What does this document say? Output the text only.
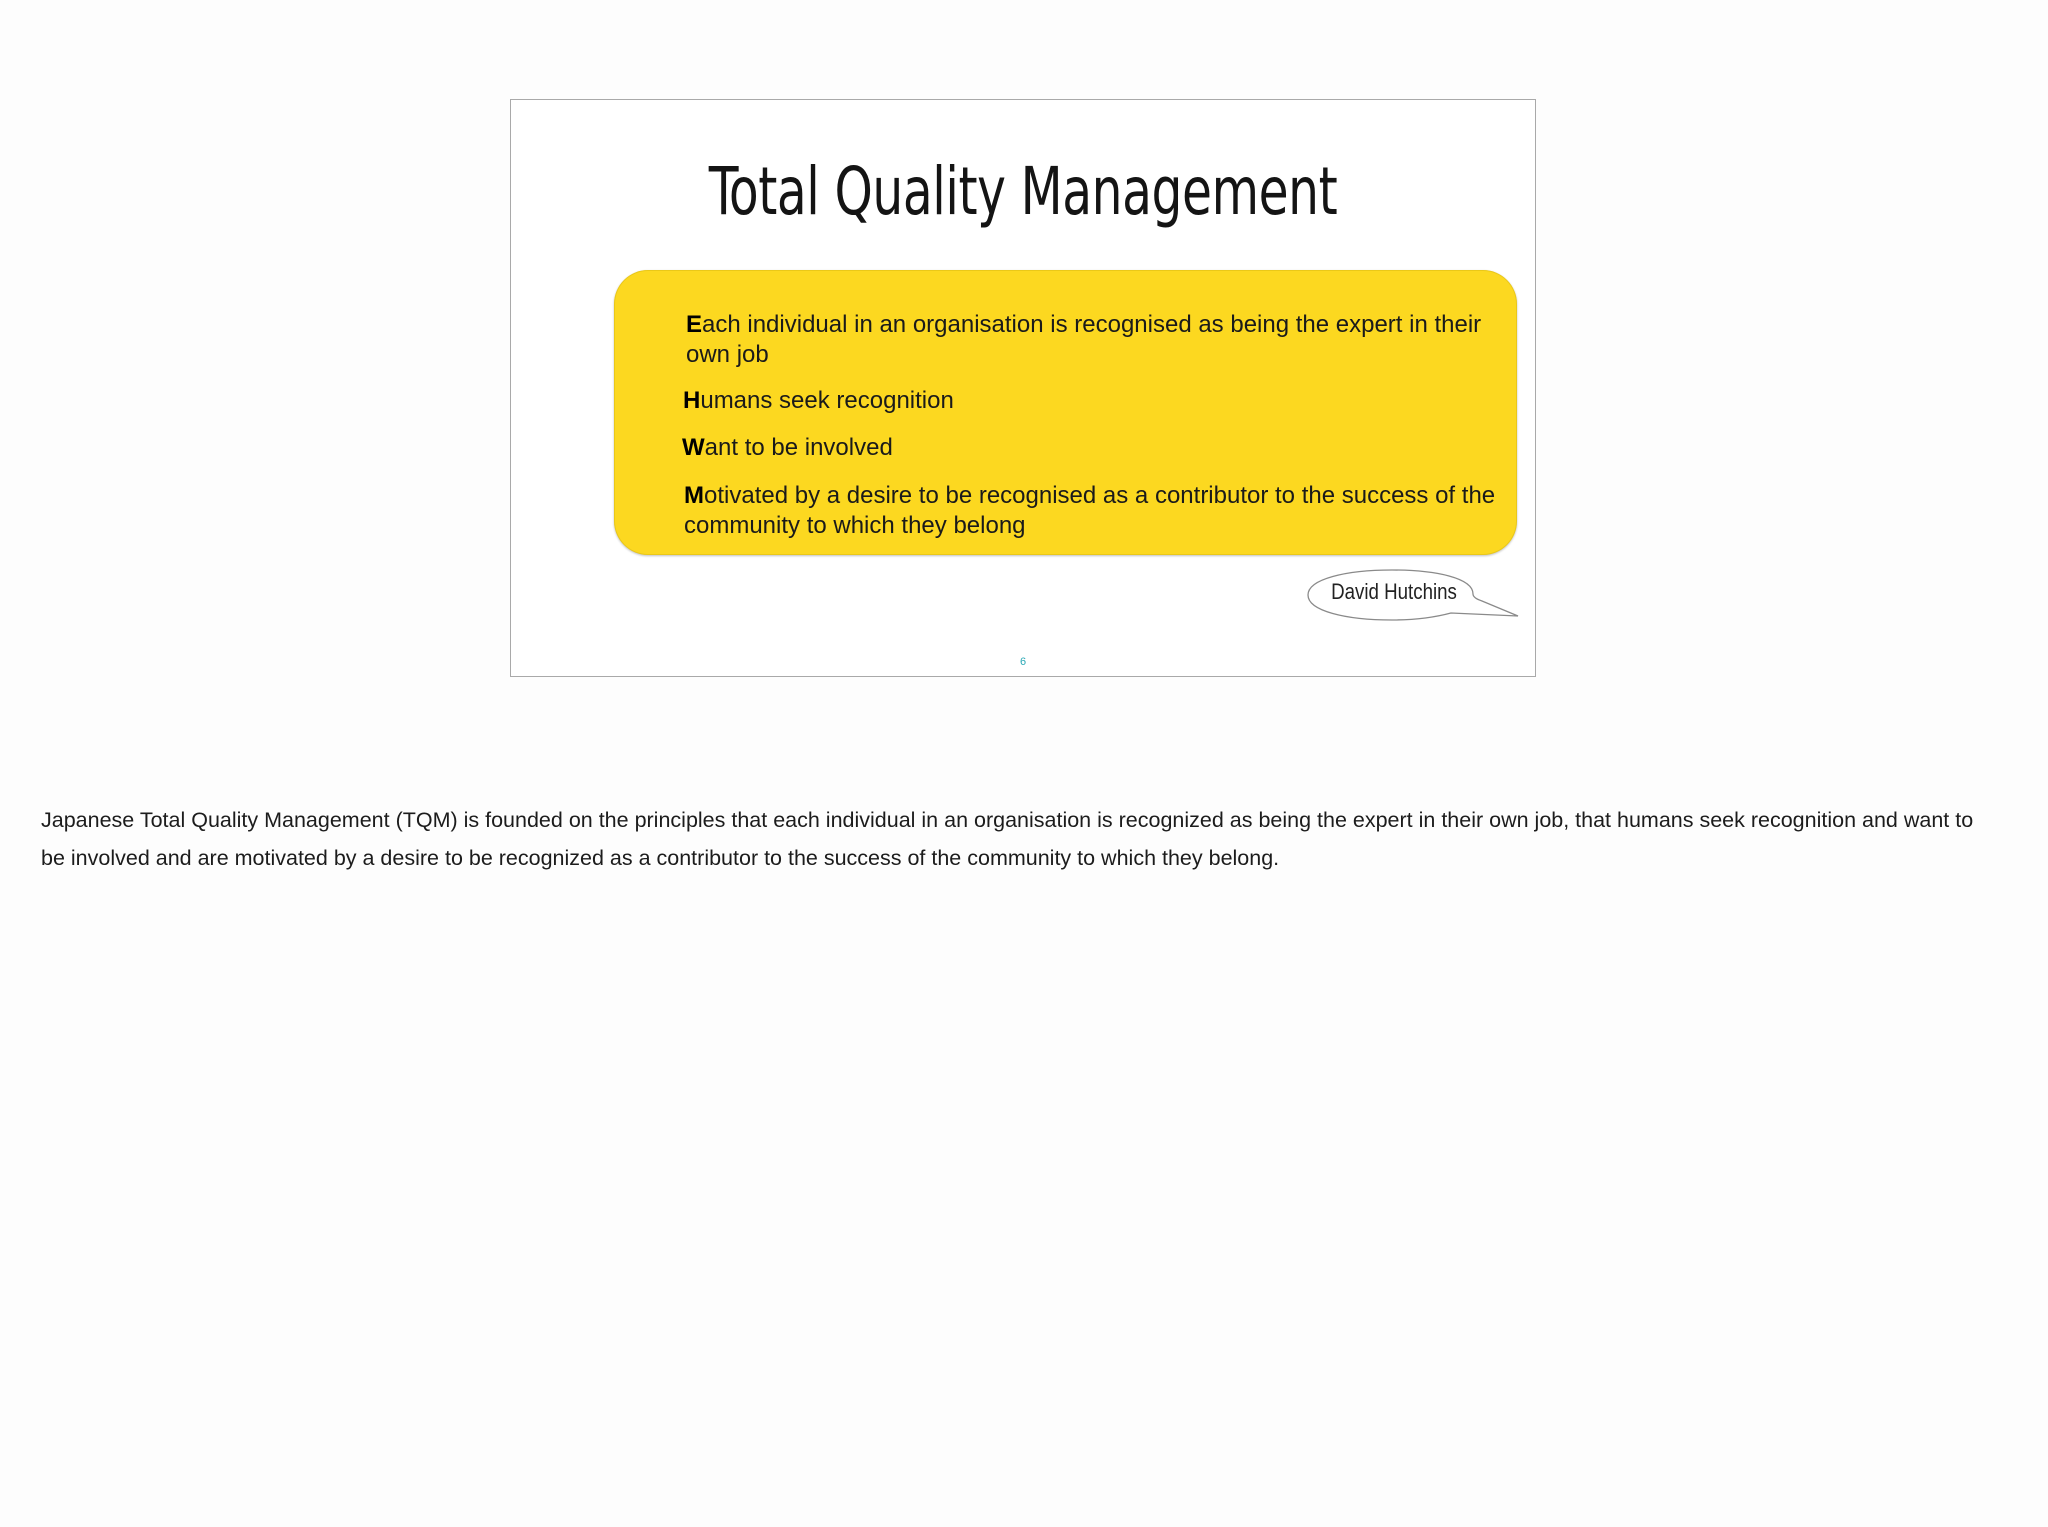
Total Quality Management
Each individual in an organisation is recognised as being the expert in their own job
Humans seek recognition
Want to be involved
Motivated by a desire to be recognised as a contributor to the success of the community to which they belong
David Hutchins
6
Japanese Total Quality Management (TQM) is founded on the principles that each individual in an organisation is recognized as being the expert in their own job, that humans seek recognition and want to be involved and are motivated by a desire to be recognized as a contributor to the success of the community to which they belong.
